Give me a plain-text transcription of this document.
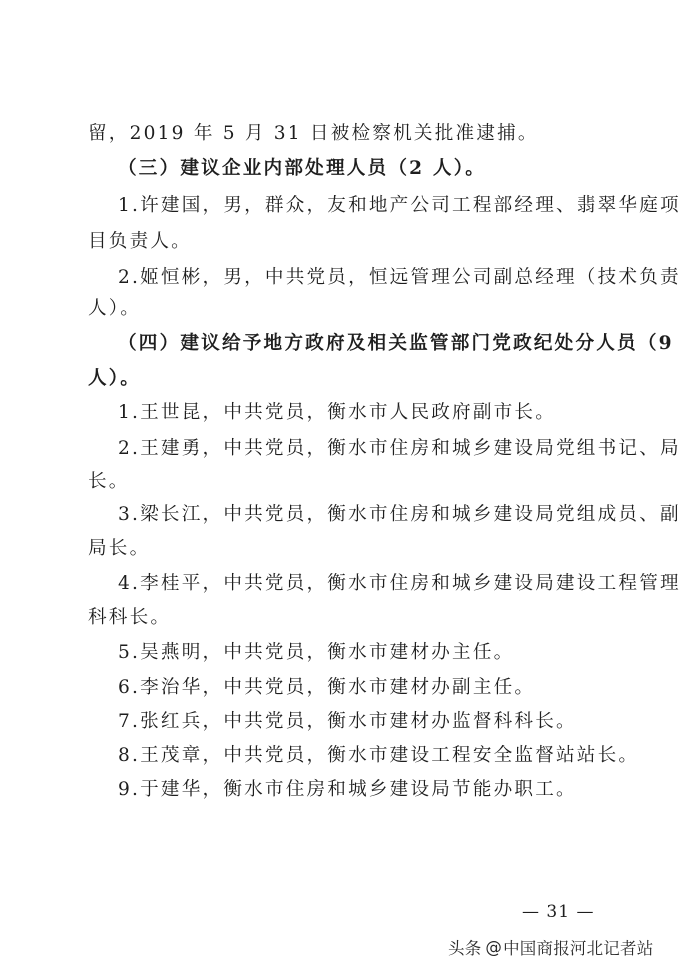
留，2019 年 5 月 31 日被检察机关批准逮捕。
（三）建议企业内部处理人员（2 人）。
1.许建国，男，群众，友和地产公司工程部经理、翡翠华庭项
目负责人。
2.姬恒彬，男，中共党员，恒远管理公司副总经理（技术负责
人）。
（四）建议给予地方政府及相关监管部门党政纪处分人员（9
人）。
1.王世昆，中共党员，衡水市人民政府副市长。
2.王建勇，中共党员，衡水市住房和城乡建设局党组书记、局
长。
3.梁长江，中共党员，衡水市住房和城乡建设局党组成员、副
局长。
4.李桂平，中共党员，衡水市住房和城乡建设局建设工程管理
科科长。
5.吴燕明，中共党员，衡水市建材办主任。
6.李治华，中共党员，衡水市建材办副主任。
7.张红兵，中共党员，衡水市建材办监督科科长。
8.王茂章，中共党员，衡水市建设工程安全监督站站长。
9.于建华，衡水市住房和城乡建设局节能办职工。
— 31 —
头条 @ 中国商报河北记者站
